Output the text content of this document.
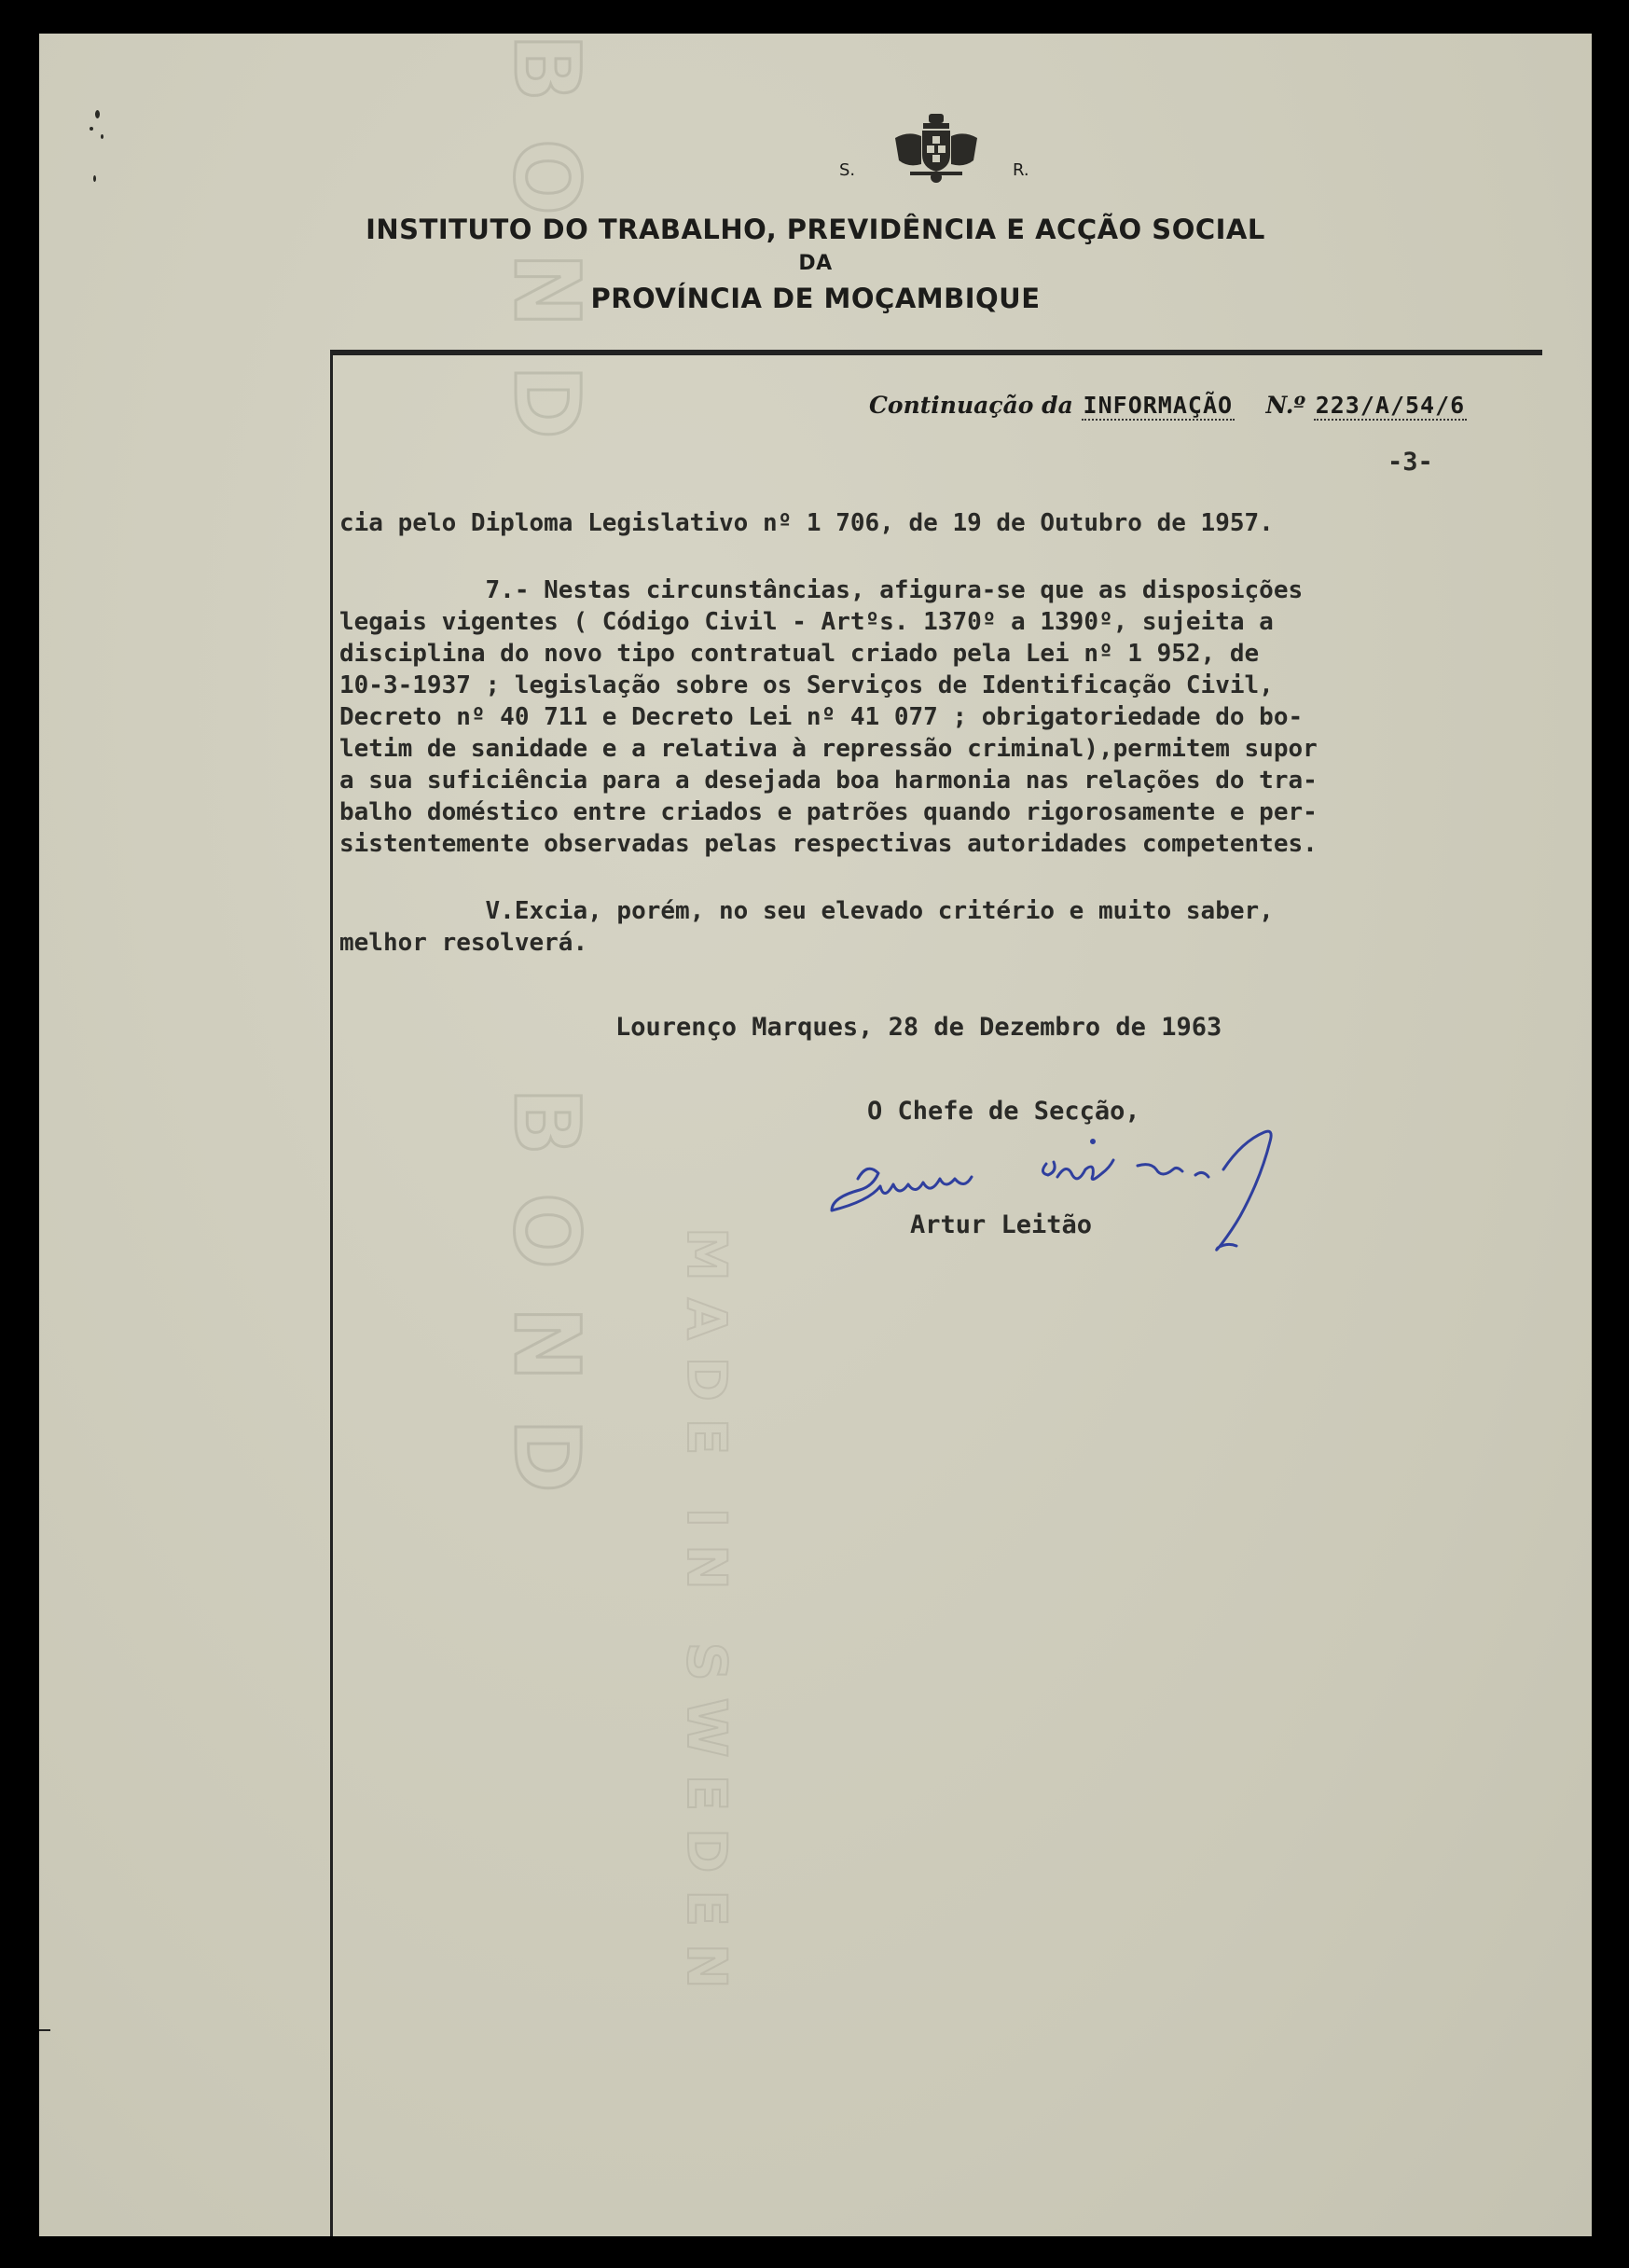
BOND MADE IN SWEDEN
BOND	S.	R.
INSTITUTO DO TRABALHO, PREVIDÊNCIA E ACÇÃO SOCIAL
DA
PROVÍNCIA DE MOÇAMBIQUE
Continuação da INFORMAÇÃO N.º 223/A/54/6
-3-
cia pelo Diploma Legislativo nº 1 706, de 19 de Outubro de 1957.
7.- Nestas circunstâncias, afigura-se que as disposições
legais vigentes ( Código Civil - Artºs. 1370º a 1390º, sujeita a
disciplina do novo tipo contratual criado pela Lei nº 1 952, de
10-3-1937 ; legislação sobre os Serviços de Identificação Civil,
Decreto nº 40 711 e Decreto Lei nº 41 077 ; obrigatoriedade do bo-
letim de sanidade e a relativa à repressão criminal),permitem supor
a sua suficiência para a desejada boa harmonia nas relações do tra-
balho doméstico entre criados e patrões quando rigorosamente e per-
sistentemente observadas pelas respectivas autoridades competentes.
V.Excia, porém, no seu elevado critério e muito saber,
melhor resolverá.
Lourenço Marques, 28 de Dezembro de 1963
O Chefe de Secção,
Artur Leitão
